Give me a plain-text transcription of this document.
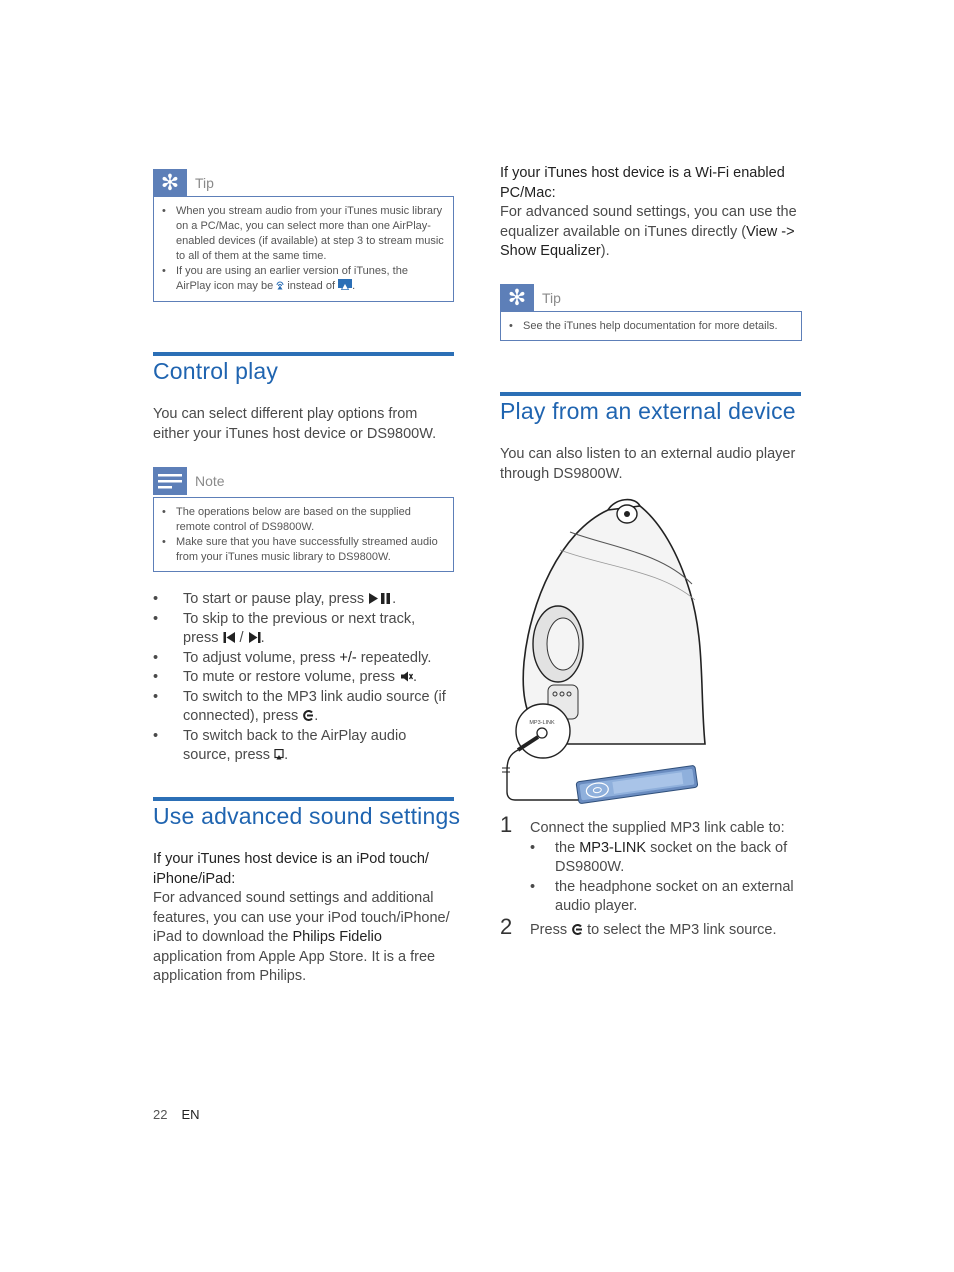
✻	Tip
• When you stream audio from your iTunes music library on a PC/Mac, you can select more than one AirPlay-enabled devices (if available) at step 3 to stream music to all of them at the same time.
• If you are using an earlier version of iTunes, the AirPlay icon may be  instead of .
Control play
You can select different play options from either your iTunes host device or DS9800W.
Note
• The operations below are based on the supplied remote control of DS9800W.
• Make sure that you have successfully streamed audio from your iTunes music library to DS9800W.
• To start or pause play, press .
• To skip to the previous or next track, press  / .
• To adjust volume, press +/- repeatedly.
• To mute or restore volume, press .
• To switch to the MP3 link audio source (if connected), press .
• To switch back to the AirPlay audio source, press .
Use advanced sound settings
If your iTunes host device is an iPod touch/ iPhone/iPad:
For advanced sound settings and additional features, you can use your iPod touch/iPhone/ iPad to download the Philips Fidelio application from Apple App Store. It is a free application from Philips.
If your iTunes host device is a Wi-Fi enabled PC/Mac:
For advanced sound settings, you can use the equalizer available on iTunes directly (View -> Show Equalizer).
✻	Tip
• See the iTunes help documentation for more details.
Play from an external device
You can also listen to an external audio player through DS9800W.
MP3-LINK
1 Connect the supplied MP3 link cable to:
• the MP3-LINK socket on the back of DS9800W.
• the headphone socket on an external audio player.
2 Press  to select the MP3 link source.
22 EN
